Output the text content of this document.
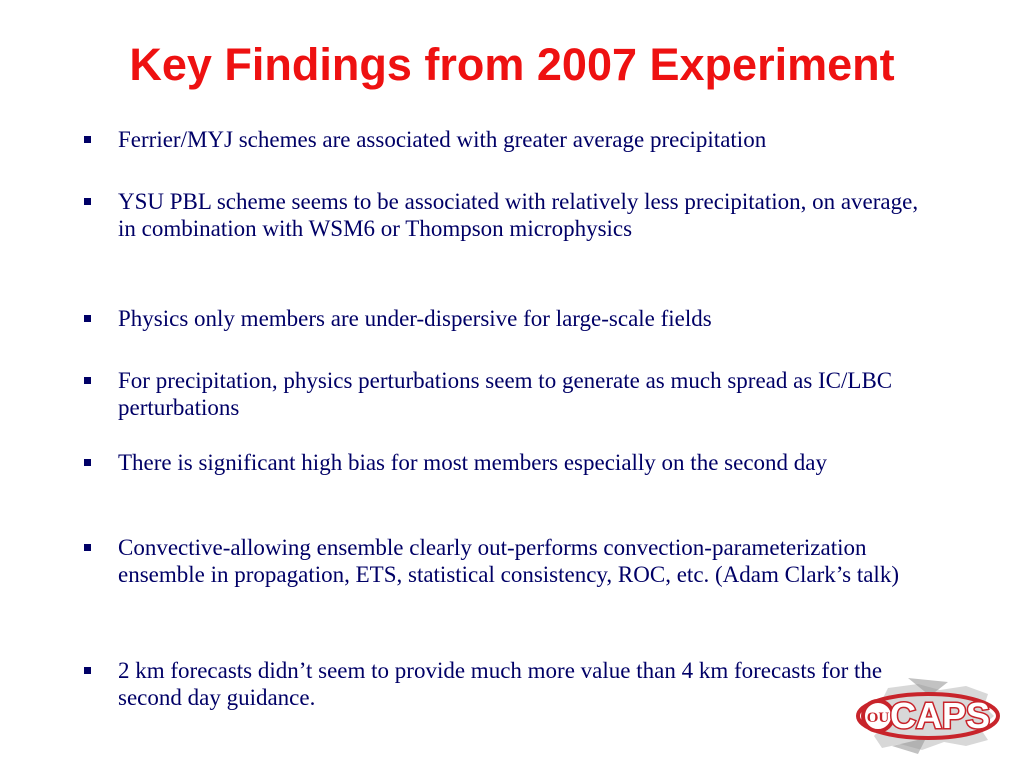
Key Findings from 2007 Experiment
Ferrier/MYJ schemes are associated with greater average precipitation
YSU PBL scheme seems to be associated with relatively less precipitation, on average, in combination with WSM6 or Thompson microphysics
Physics only members are under-dispersive for large-scale fields
For precipitation, physics perturbations seem to generate as much spread as IC/LBC perturbations
There is significant high bias for most members especially on the second day
Convective-allowing ensemble clearly out-performs convection-parameterization ensemble in propagation, ETS, statistical consistency, ROC, etc. (Adam Clark’s talk)
2 km forecasts didn’t seem to provide much more value than 4 km forecasts for the second day guidance.
OU CAPS
